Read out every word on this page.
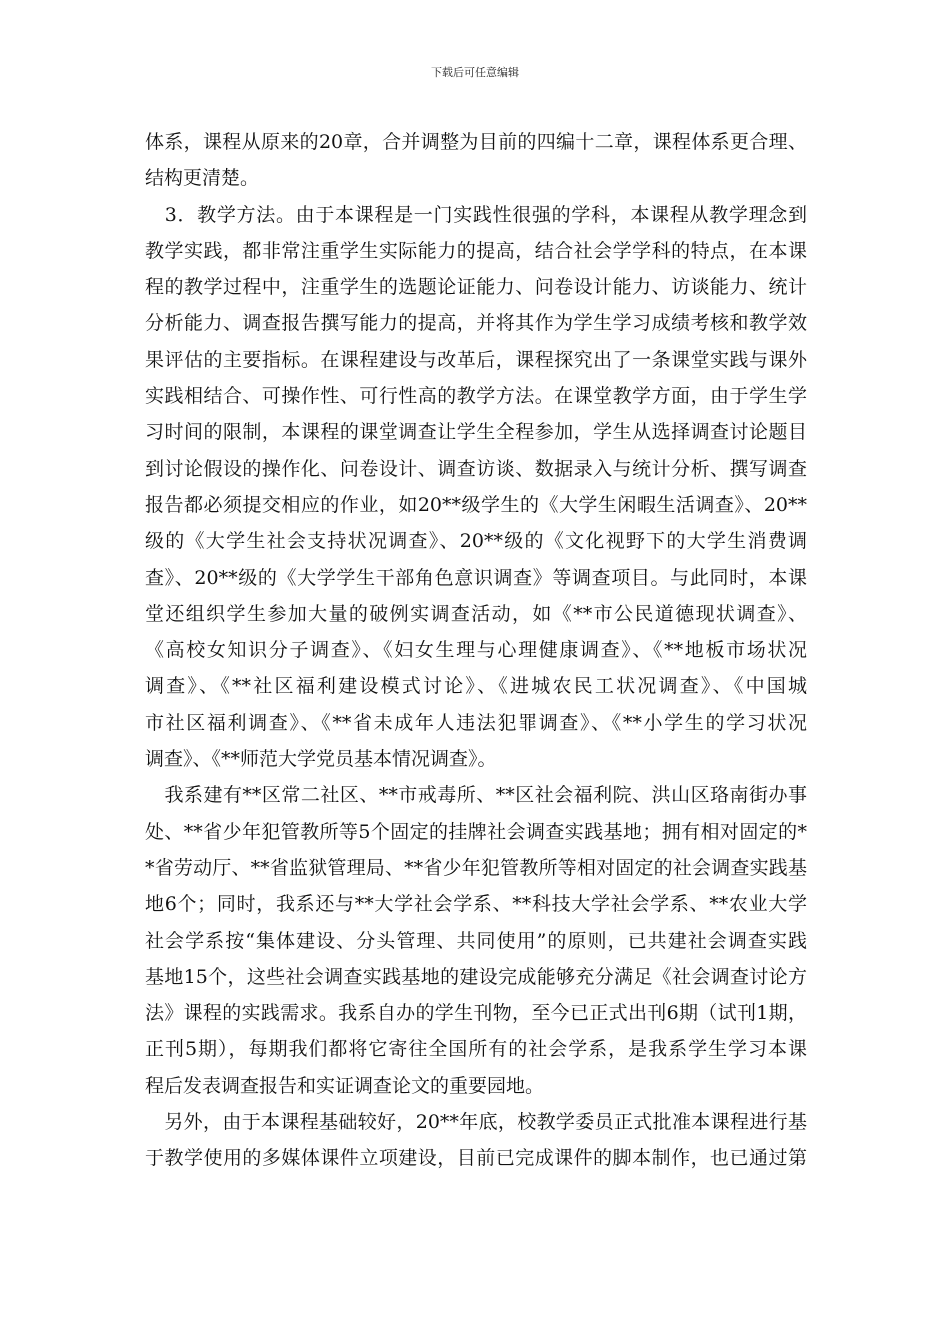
下载后可任意编辑
体系，课程从原来的20章，合并调整为目前的四编十二章，课程体系更合理、
结构更清楚。
　3．教学方法。由于本课程是一门实践性很强的学科，本课程从教学理念到
教学实践，都非常注重学生实际能力的提高，结合社会学学科的特点，在本课
程的教学过程中，注重学生的选题论证能力、问卷设计能力、访谈能力、统计
分析能力、调查报告撰写能力的提高，并将其作为学生学习成绩考核和教学效
果评估的主要指标。在课程建设与改革后，课程探究出了一条课堂实践与课外
实践相结合、可操作性、可行性高的教学方法。在课堂教学方面，由于学生学
习时间的限制，本课程的课堂调查让学生全程参加，学生从选择调查讨论题目
到讨论假设的操作化、问卷设计、调查访谈、数据录入与统计分析、撰写调查
报告都必须提交相应的作业，如20**级学生的《大学生闲暇生活调查》、20**
级的《大学生社会支持状况调查》、20**级的《文化视野下的大学生消费调
查》、20**级的《大学学生干部角色意识调查》等调查项目。与此同时，本课
堂还组织学生参加大量的破例实调查活动，如《**市公民道德现状调查》、
《高校女知识分子调查》、《妇女生理与心理健康调查》、《**地板市场状况
调查》、《**社区福利建设模式讨论》、《进城农民工状况调查》、《中国城
市社区福利调查》、《**省未成年人违法犯罪调查》、《**小学生的学习状况
调查》、《**师范大学党员基本情况调查》。
　我系建有**区常二社区、**市戒毒所、**区社会福利院、洪山区珞南街办事
处、**省少年犯管教所等5个固定的挂牌社会调查实践基地；拥有相对固定的*
*省劳动厅、**省监狱管理局、**省少年犯管教所等相对固定的社会调查实践基
地6个；同时，我系还与**大学社会学系、**科技大学社会学系、**农业大学
社会学系按“集体建设、分头管理、共同使用”的原则，已共建社会调查实践
基地15个，这些社会调查实践基地的建设完成能够充分满足《社会调查讨论方
法》课程的实践需求。我系自办的学生刊物，至今已正式出刊6期（试刊1期，
正刊5期），每期我们都将它寄往全国所有的社会学系，是我系学生学习本课
程后发表调查报告和实证调查论文的重要园地。
　另外，由于本课程基础较好，20**年底，校教学委员正式批准本课程进行基
于教学使用的多媒体课件立项建设，目前已完成课件的脚本制作，也已通过第
